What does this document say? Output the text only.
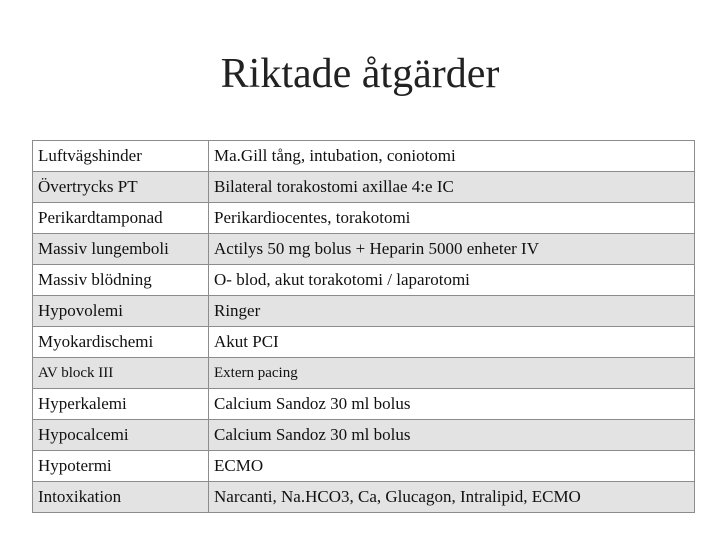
Riktade åtgärder
Luftvägshinder	Ma.Gill tång, intubation, coniotomi
Övertrycks PT	Bilateral torakostomi axillae 4:e IC
Perikardtamponad	Perikardiocentes, torakotomi
Massiv lungemboli	Actilys 50 mg bolus + Heparin 5000 enheter IV
Massiv blödning	O- blod, akut torakotomi / laparotomi
Hypovolemi	Ringer
Myokardischemi	Akut PCI
AV block III	Extern pacing
Hyperkalemi	Calcium Sandoz 30 ml bolus
Hypocalcemi	Calcium Sandoz 30 ml bolus
Hypotermi	ECMO
Intoxikation	Narcanti, Na.HCO3, Ca, Glucagon, Intralipid, ECMO
